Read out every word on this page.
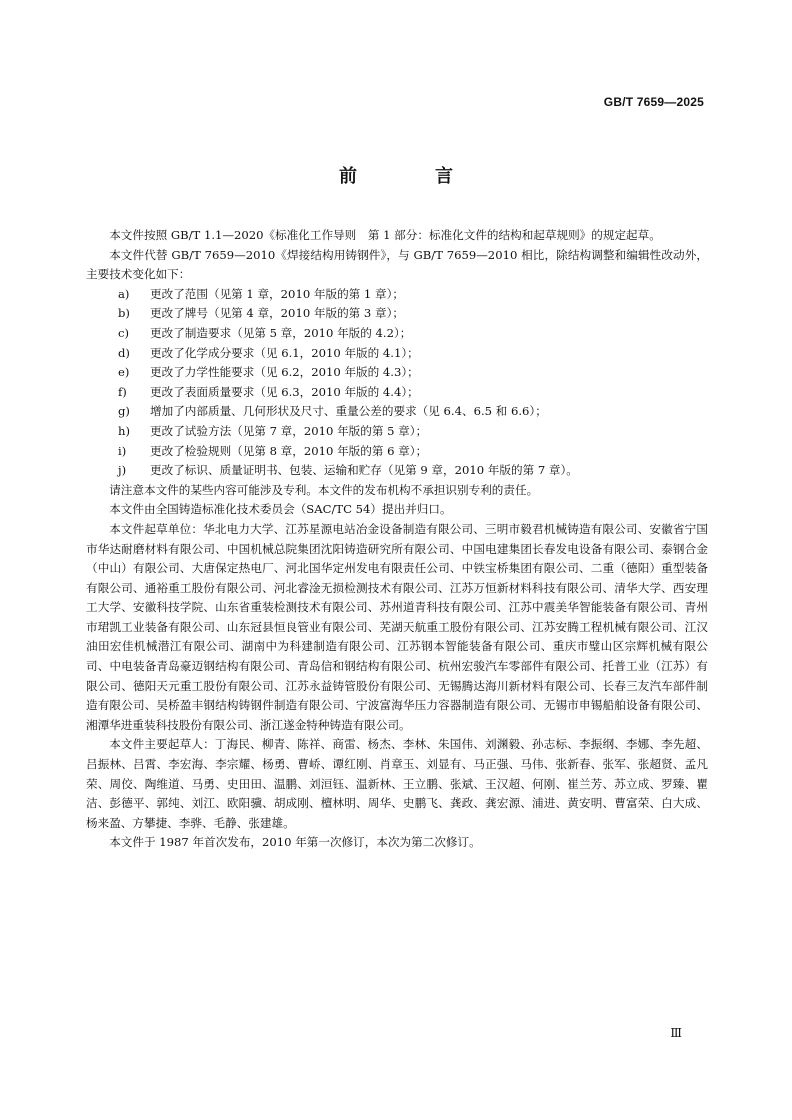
GB/T 7659—2025
前　言

本文件按照 GB/T 1.1—2020《标准化工作导则　第 1 部分：标准化文件的结构和起草规则》的规定起草。

本文件代替 GB/T 7659—2010《焊接结构用铸钢件》，与 GB/T 7659—2010 相比，除结构调整和编辑性改动外，主要技术变化如下：

a) 更改了范围（见第 1 章，2010 年版的第 1 章）；
b) 更改了牌号（见第 4 章，2010 年版的第 3 章）；
c) 更改了制造要求（见第 5 章，2010 年版的 4.2）；
d) 更改了化学成分要求（见 6.1，2010 年版的 4.1）；
e) 更改了力学性能要求（见 6.2，2010 年版的 4.3）；
f) 更改了表面质量要求（见 6.3，2010 年版的 4.4）；
g) 增加了内部质量、几何形状及尺寸、重量公差的要求（见 6.4、6.5 和 6.6）；
h) 更改了试验方法（见第 7 章，2010 年版的第 5 章）；
i) 更改了检验规则（见第 8 章，2010 年版的第 6 章）；
j) 更改了标识、质量证明书、包装、运输和贮存（见第 9 章，2010 年版的第 7 章）。

请注意本文件的某些内容可能涉及专利。本文件的发布机构不承担识别专利的责任。

本文件由全国铸造标准化技术委员会（SAC/TC 54）提出并归口。

本文件起草单位：华北电力大学、江苏星源电站冶金设备制造有限公司、三明市毅君机械铸造有限公司、安徽省宁国市华达耐磨材料有限公司、中国机械总院集团沈阳铸造研究所有限公司、中国电建集团长春发电设备有限公司、泰钢合金（中山）有限公司、大唐保定热电厂、河北国华定州发电有限责任公司、中铁宝桥集团有限公司、二重（德阳）重型装备有限公司、通裕重工股份有限公司、河北睿淦无损检测技术有限公司、江苏万恒新材料科技有限公司、清华大学、西安理工大学、安徽科技学院、山东省重装检测技术有限公司、苏州道青科技有限公司、江苏中震美华智能装备有限公司、青州市珺凯工业装备有限公司、山东冠县恒良管业有限公司、芜湖天航重工股份有限公司、江苏安腾工程机械有限公司、江汉油田宏佳机械潜江有限公司、湖南中为科建制造有限公司、江苏钢本智能装备有限公司、重庆市璧山区宗辉机械有限公司、中电装备青岛豪迈钢结构有限公司、青岛信和钢结构有限公司、杭州宏骏汽车零部件有限公司、托普工业（江苏）有限公司、德阳天元重工股份有限公司、江苏永益铸管股份有限公司、无锡腾达海川新材料有限公司、长春三友汽车部件制造有限公司、吴桥盈丰钢结构铸钢件制造有限公司、宁波富海华压力容器制造有限公司、无锡市申锡船舶设备有限公司、湘潭华进重装科技股份有限公司、浙江遂金特种铸造有限公司。

本文件主要起草人：丁海民、柳青、陈祥、商雷、杨杰、李林、朱国伟、刘渊毅、孙志标、李振纲、李娜、李先超、吕振林、吕霄、李宏海、李宗耀、杨勇、曹峤、谭红刚、肖章玉、刘显有、马正强、马伟、张新春、张军、张超贤、孟凡荣、周佼、陶维道、马勇、史田田、温鹏、刘洹钰、温新林、王立鹏、张斌、王汉超、何刚、崔兰芳、苏立成、罗臻、瞿洁、彭德平、郭纯、刘江、欧阳骥、胡成刚、檀林明、周华、史鹏飞、龚政、龚宏源、浦进、黄安明、曹富荣、白大成、杨来盈、方攀捷、李骅、毛静、张建雄。

本文件于 1987 年首次发布，2010 年第一次修订，本次为第二次修订。

Ⅲ
